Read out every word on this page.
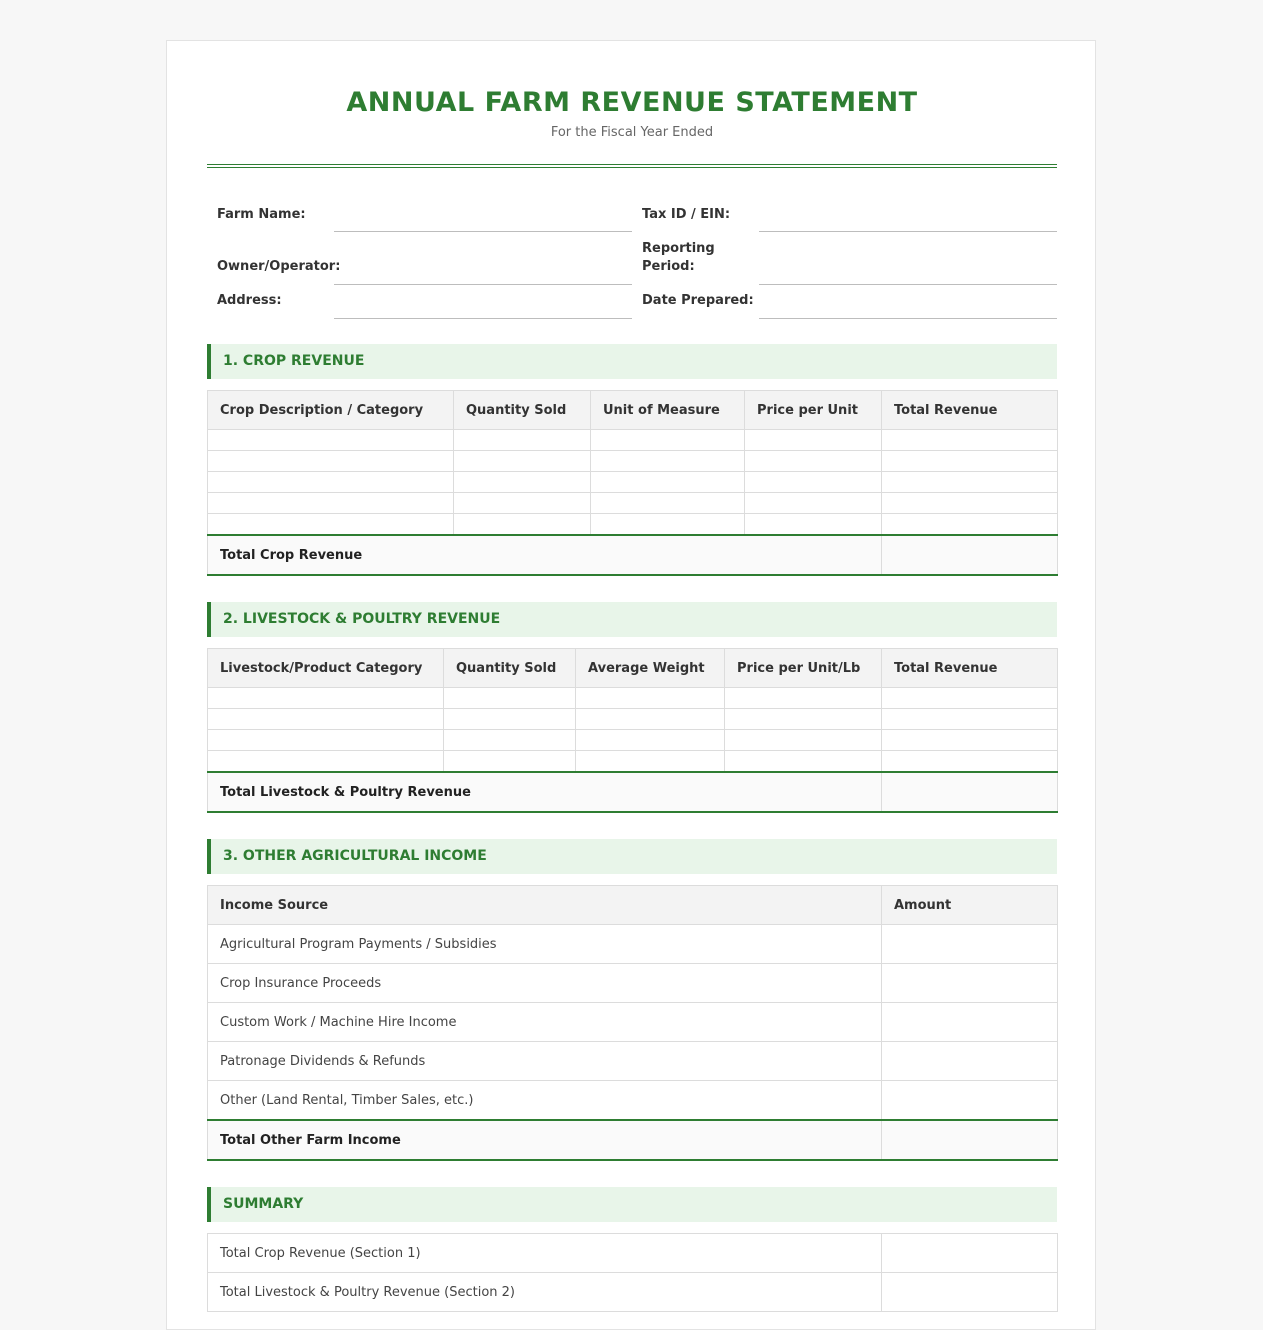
ANNUAL FARM REVENUE STATEMENT
For the Fiscal Year Ended
Farm Name:	Tax ID / EIN:
Owner/Operator:
Reporting Period:
Address:	Date Prepared:
1. CROP REVENUE
Crop Description / Category	Quantity Sold	Unit of Measure	Price per Unit	Total Revenue

Total Crop Revenue				
2. LIVESTOCK & POULTRY REVENUE
Livestock/Product Category	Quantity Sold	Average Weight	Price per Unit/Lb	Total Revenue

Total Livestock & Poultry Revenue				
3. OTHER AGRICULTURAL INCOME
Income Source	Amount
Agricultural Program Payments / Subsidies	
Crop Insurance Proceeds	
Custom Work / Machine Hire Income	
Patronage Dividends & Refunds	
Other (Land Rental, Timber Sales, etc.)	
Total Other Farm Income	
SUMMARY
Total Crop Revenue (Section 1)	
Total Livestock & Poultry Revenue (Section 2)	
